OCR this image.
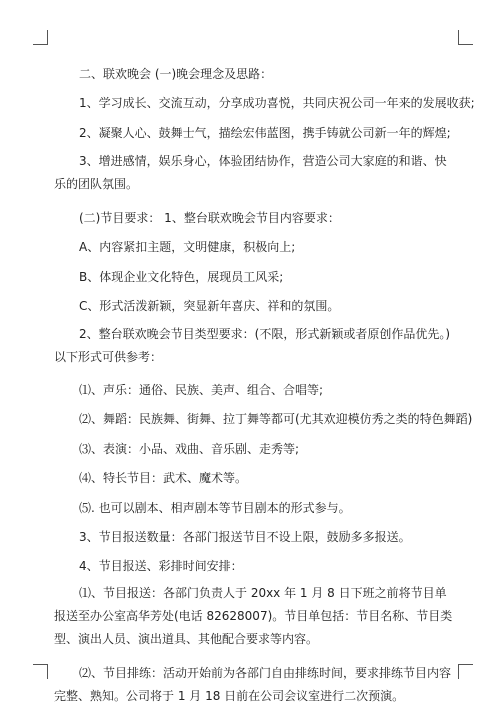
二、联欢晚会 (一)晚会理念及思路：
1、学习成长、交流互动，分享成功喜悦，共同庆祝公司一年来的发展收获;
2、凝聚人心、鼓舞士气，描绘宏伟蓝图，携手铸就公司新一年的辉煌;
3、增进感情，娱乐身心，体验团结协作，营造公司大家庭的和谐、快乐的团队氛围。
(二)节目要求： 1、整台联欢晚会节目内容要求：
A、内容紧扣主题，文明健康，积极向上;
B、体现企业文化特色，展现员工风采;
C、形式活泼新颖，突显新年喜庆、祥和的氛围。
2、整台联欢晚会节目类型要求：(不限，形式新颖或者原创作品优先。) 以下形式可供参考：
⑴、声乐：通俗、民族、美声、组合、合唱等;
⑵、舞蹈：民族舞、街舞、拉丁舞等都可(尤其欢迎模仿秀之类的特色舞蹈)
⑶、表演：小品、戏曲、音乐剧、走秀等;
⑷、特长节目：武术、魔术等。
⑸. 也可以剧本、相声剧本等节目剧本的形式参与。
3、节目报送数量：各部门报送节目不设上限，鼓励多多报送。
4、节目报送、彩排时间安排：
⑴、节目报送：各部门负责人于 20xx 年 1 月 8 日下班之前将节目单报送至办公室高华芳处(电话 82628007)。节目单包括：节目名称、节目类型、演出人员、演出道具、其他配合要求等内容。
⑵、节目排练：活动开始前为各部门自由排练时间，要求排练节目内容完整、熟知。公司将于 1 月 18 日前在公司会议室进行二次预演。
